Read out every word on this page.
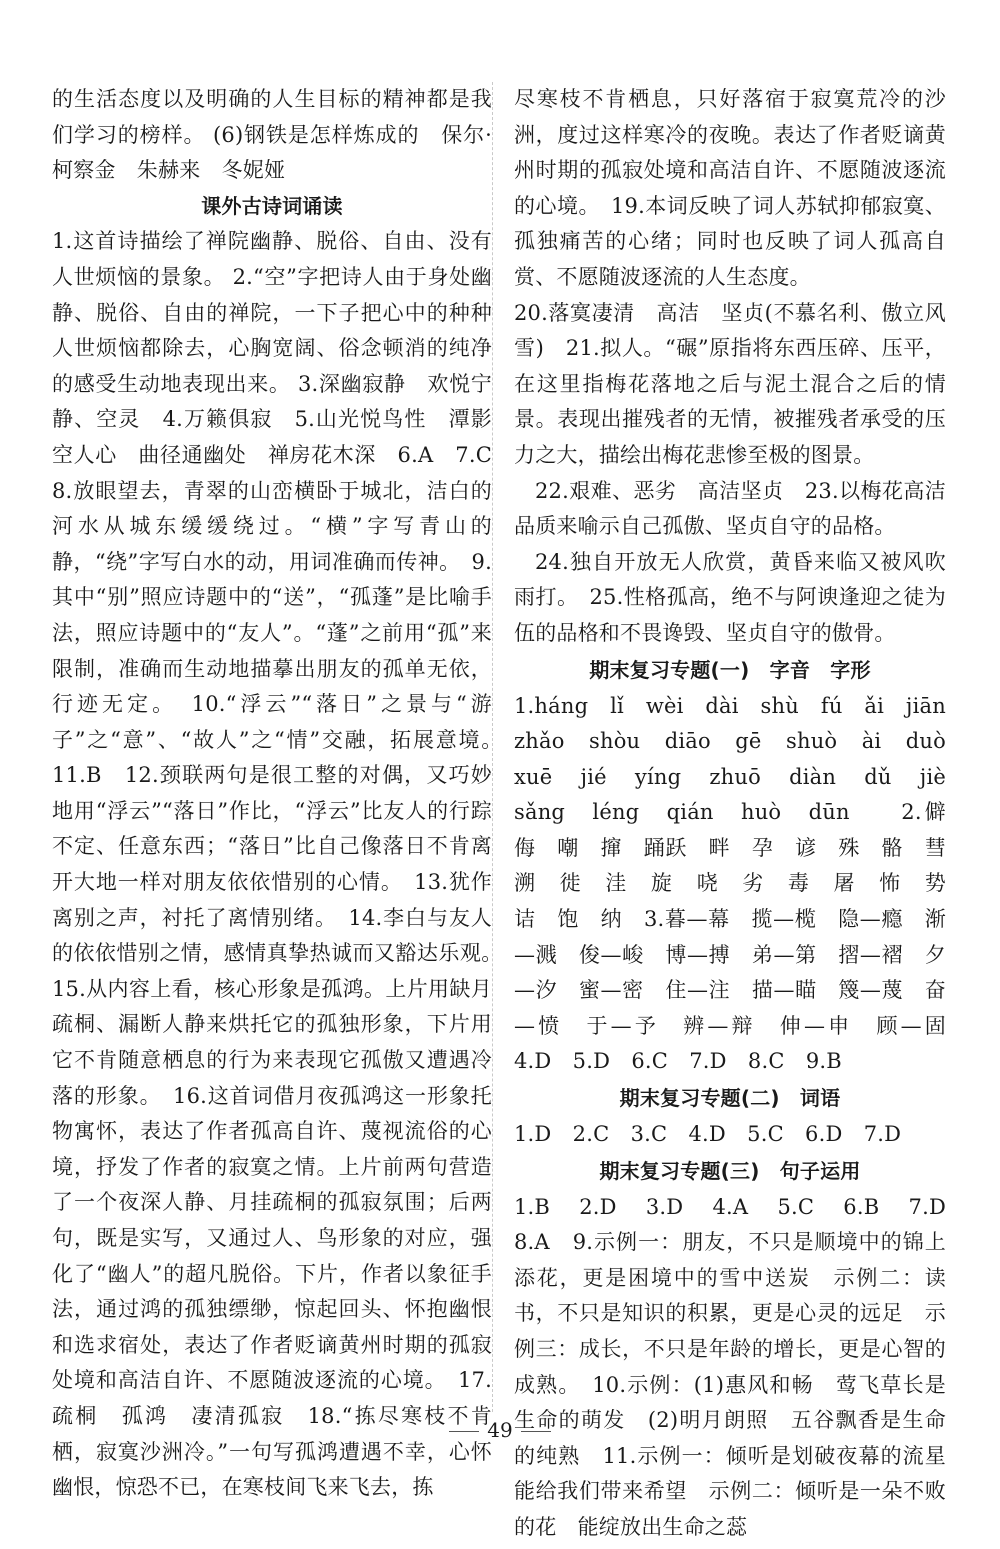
的生活态度以及明确的人生目标的精神都是我们学习的榜样。 (6)钢铁是怎样炼成的　保尔·柯察金　朱赫来　冬妮娅

课外古诗词诵读

1.这首诗描绘了禅院幽静、脱俗、自由、没有人世烦恼的景象。 2.“空”字把诗人由于身处幽静、脱俗、自由的禅院，一下子把心中的种种人世烦恼都除去，心胸宽阔、俗念顿消的纯净的感受生动地表现出来。 3.深幽寂静　欢悦宁静、空灵　4.万籁俱寂　5.山光悦鸟性　潭影空人心　曲径通幽处　禅房花木深　6.A　7.C　8.放眼望去，青翠的山峦横卧于城北，洁白的河水从城东缓缓绕过。“横”字写青山的静，“绕”字写白水的动，用词准确而传神。　9.其中“别”照应诗题中的“送”，“孤蓬”是比喻手法，照应诗题中的“友人”。“蓬”之前用“孤”来限制，准确而生动地描摹出朋友的孤单无依，行迹无定。　10.“浮云”“落日”之景与“游子”之“意”、“故人”之“情”交融，拓展意境。　11.B　12.颈联两句是很工整的对偶，又巧妙地用“浮云”“落日”作比，“浮云”比友人的行踪不定、任意东西；“落日”比自己像落日不肯离开大地一样对朋友依依惜别的心情。　13.犹作离别之声，衬托了离情别绪。　14.李白与友人的依依惜别之情，感情真挚热诚而又豁达乐观。　15.从内容上看，核心形象是孤鸿。上片用缺月疏桐、漏断人静来烘托它的孤独形象，下片用它不肯随意栖息的行为来表现它孤傲又遭遇冷落的形象。　16.这首词借月夜孤鸿这一形象托物寓怀，表达了作者孤高自许、蔑视流俗的心境，抒发了作者的寂寞之情。上片前两句营造了一个夜深人静、月挂疏桐的孤寂氛围；后两句，既是实写，又通过人、鸟形象的对应，强化了“幽人”的超凡脱俗。下片，作者以象征手法，通过鸿的孤独缥缈，惊起回头、怀抱幽恨和选求宿处，表达了作者贬谪黄州时期的孤寂处境和高洁自许、不愿随波逐流的心境。　17.疏桐　孤鸿　凄清孤寂　18.“拣尽寒枝不肯栖，寂寞沙洲冷。”一句写孤鸿遭遇不幸，心怀幽恨，惊恐不已，在寒枝间飞来飞去，拣

尽寒枝不肯栖息，只好落宿于寂寞荒冷的沙洲，度过这样寒冷的夜晚。表达了作者贬谪黄州时期的孤寂处境和高洁自许、不愿随波逐流的心境。　19.本词反映了词人苏轼抑郁寂寞、孤独痛苦的心绪；同时也反映了词人孤高自赏、不愿随波逐流的人生态度。

20.落寞凄清　高洁　坚贞(不慕名利、傲立风雪)　21.拟人。“碾”原指将东西压碎、压平，在这里指梅花落地之后与泥土混合之后的情景。表现出摧残者的无情，被摧残者承受的压力之大，描绘出梅花悲惨至极的图景。

22.艰难、恶劣　高洁坚贞　23.以梅花高洁品质来喻示自己孤傲、坚贞自守的品格。

24.独自开放无人欣赏，黄昏来临又被风吹雨打。　25.性格孤高，绝不与阿谀逢迎之徒为伍的品格和不畏谗毁、坚贞自守的傲骨。

期末复习专题(一)　字音　字形

1.háng　lǐ　wèi　dài　shù　fú　ǎi　jiān　zhǎo　shòu　diāo　gē　shuò　ài　duò　xuē　jié　yíng　zhuō　diàn　dǔ　jiè　sǎng　léng　qián　huò　dūn　　2.僻　侮　嘲　撺　踊跃　畔　孕　谚　殊　骼　彗　溯　徙　洼　旋　哓　劣　毒　屠　怖　势　诘　饱　纳　3.暮—幕　揽—榄　隐—瘾　渐—溅　俊—峻　博—搏　弟—第　摺—褶　夕—汐　蜜—密　住—注　描—瞄　篾—蔑　奋—愤　于—予　辨—辩　伸—申　顾—固　4.D　5.D　6.C　7.D　8.C　9.B

期末复习专题(二)　词语

1.D　2.C　3.C　4.D　5.C　6.D　7.D

期末复习专题(三)　句子运用

1.B　2.D　3.D　4.A　5.C　6.B　7.D　8.A　9.示例一：朋友，不只是顺境中的锦上添花，更是困境中的雪中送炭　示例二：读书，不只是知识的积累，更是心灵的远足　示例三：成长，不只是年龄的增长，更是心智的成熟。　10.示例：(1)惠风和畅　莺飞草长是生命的萌发　(2)明月朗照　五谷飘香是生命的纯熟　11.示例一：倾听是划破夜幕的流星　能给我们带来希望　示例二：倾听是一朵不败的花　能绽放出生命之蕊

49
